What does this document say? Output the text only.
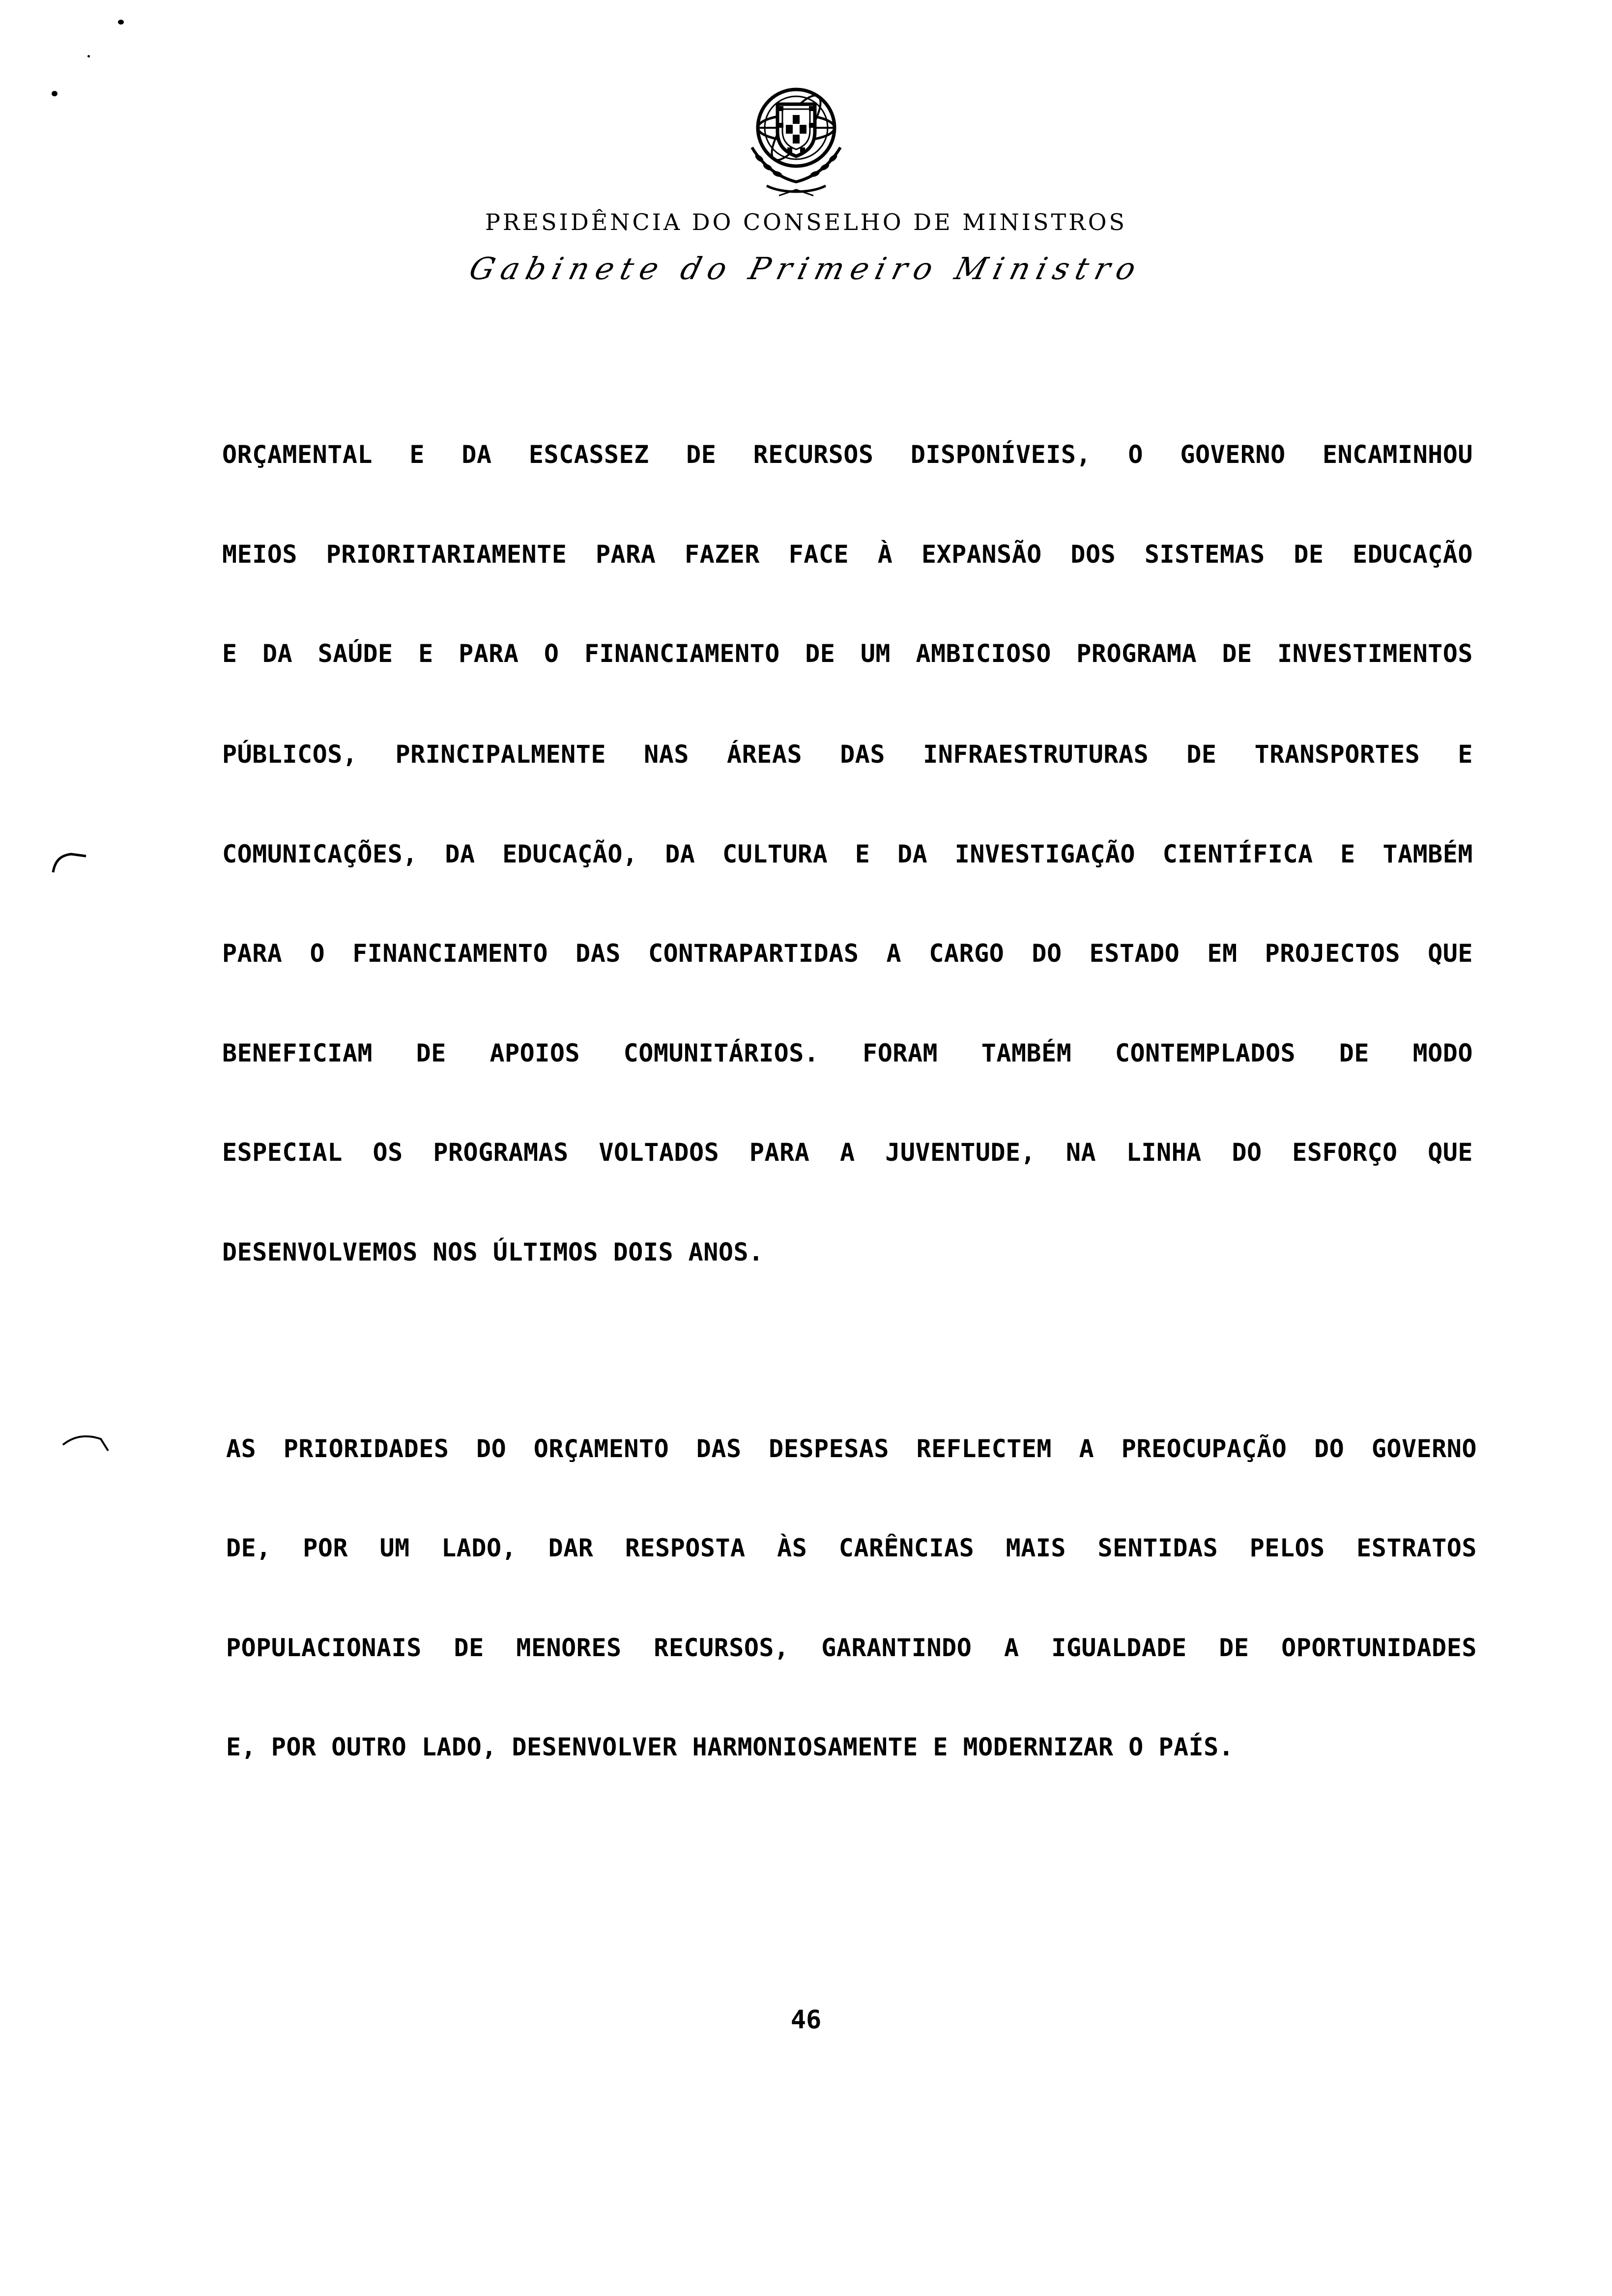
PRESIDÊNCIA DO CONSELHO DE MINISTROS
Gabinete do Primeiro Ministro
ORÇAMENTAL E DA ESCASSEZ DE RECURSOS DISPONÍVEIS, O GOVERNO ENCAMINHOU
MEIOS PRIORITARIAMENTE PARA FAZER FACE À EXPANSÃO DOS SISTEMAS DE EDUCAÇÃO
E DA SAÚDE E PARA O FINANCIAMENTO DE UM AMBICIOSO PROGRAMA DE INVESTIMENTOS
PÚBLICOS, PRINCIPALMENTE NAS ÁREAS DAS INFRAESTRUTURAS DE TRANSPORTES E
COMUNICAÇÕES, DA EDUCAÇÃO, DA CULTURA E DA INVESTIGAÇÃO CIENTÍFICA E TAMBÉM
PARA O FINANCIAMENTO DAS CONTRAPARTIDAS A CARGO DO ESTADO EM PROJECTOS QUE
BENEFICIAM DE APOIOS COMUNITÁRIOS. FORAM TAMBÉM CONTEMPLADOS DE MODO
ESPECIAL OS PROGRAMAS VOLTADOS PARA A JUVENTUDE, NA LINHA DO ESFORÇO QUE
DESENVOLVEMOS NOS ÚLTIMOS DOIS ANOS.
AS PRIORIDADES DO ORÇAMENTO DAS DESPESAS REFLECTEM A PREOCUPAÇÃO DO GOVERNO
DE, POR UM LADO, DAR RESPOSTA ÀS CARÊNCIAS MAIS SENTIDAS PELOS ESTRATOS
POPULACIONAIS DE MENORES RECURSOS, GARANTINDO A IGUALDADE DE OPORTUNIDADES
E, POR OUTRO LADO, DESENVOLVER HARMONIOSAMENTE E MODERNIZAR O PAÍS.
46
